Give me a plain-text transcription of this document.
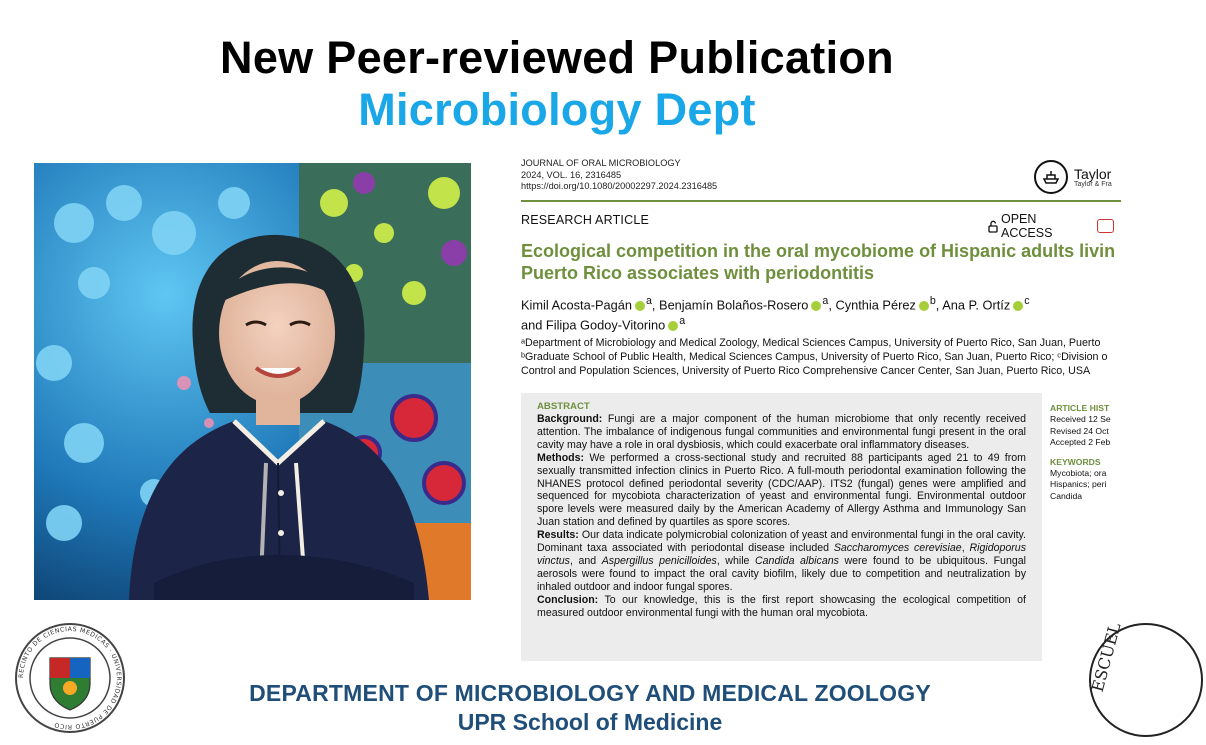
New Peer-reviewed Publication
Microbiology Dept
JOURNAL OF ORAL MICROBIOLOGY
2024, VOL. 16, 2316485
https://doi.org/10.1080/20002297.2024.2316485
Taylor
Taylor & Fra
RESEARCH ARTICLE	OPEN ACCESS
Ecological competition in the oral mycobiome of Hispanic adults livin
Puerto Rico associates with periodontitis
Kimil Acosta-Pagán $^a$, Benjamín Bolaños-Rosero $^a$, Cynthia Pérez $^b$, Ana P. Ortíz $^c$
and Filipa Godoy-Vitorino $^a$
ᵃDepartment of Microbiology and Medical Zoology, Medical Sciences Campus, University of Puerto Rico, San Juan, Puerto
ᵇGraduate School of Public Health, Medical Sciences Campus, University of Puerto Rico, San Juan, Puerto Rico; ᶜDivision o
Control and Population Sciences, University of Puerto Rico Comprehensive Cancer Center, San Juan, Puerto Rico, USA
ABSTRACT
Background: Fungi are a major component of the human microbiome that only recently received attention. The imbalance of indigenous fungal communities and environmental fungi present in the oral cavity may have a role in oral dysbiosis, which could exacerbate oral inflammatory diseases.
Methods: We performed a cross-sectional study and recruited 88 participants aged 21 to 49 from sexually transmitted infection clinics in Puerto Rico. A full-mouth periodontal examination following the NHANES protocol defined periodontal severity (CDC/AAP). ITS2 (fungal) genes were amplified and sequenced for mycobiota characterization of yeast and environmental fungi. Environmental outdoor spore levels were measured daily by the American Academy of Allergy Asthma and Immunology San Juan station and defined by quartiles as spore scores.
Results: Our data indicate polymicrobial colonization of yeast and environmental fungi in the oral cavity. Dominant taxa associated with periodontal disease included Saccharomyces cerevisiae, Rigidoporus vinctus, and Aspergillus penicilloides, while Candida albicans were found to be ubiquitous. Fungal aerosols were found to impact the oral cavity biofilm, likely due to competition and neutralization by inhaled outdoor and indoor fungal spores.
Conclusion: To our knowledge, this is the first report showcasing the ecological competition of measured outdoor environmental fungi with the human oral mycobiota.
ARTICLE HIST
Received 12 Se
Revised 24 Oct
Accepted 2 Feb
KEYWORDS
Mycobiota; ora
Hispanics; peri
Candida
RECINTO DE CIENCIAS MEDICAS · UNIVERSIDAD DE PUERTO RICO
DEPARTMENT OF MICROBIOLOGY AND MEDICAL ZOOLOGY
UPR School of Medicine
ESCUEL
